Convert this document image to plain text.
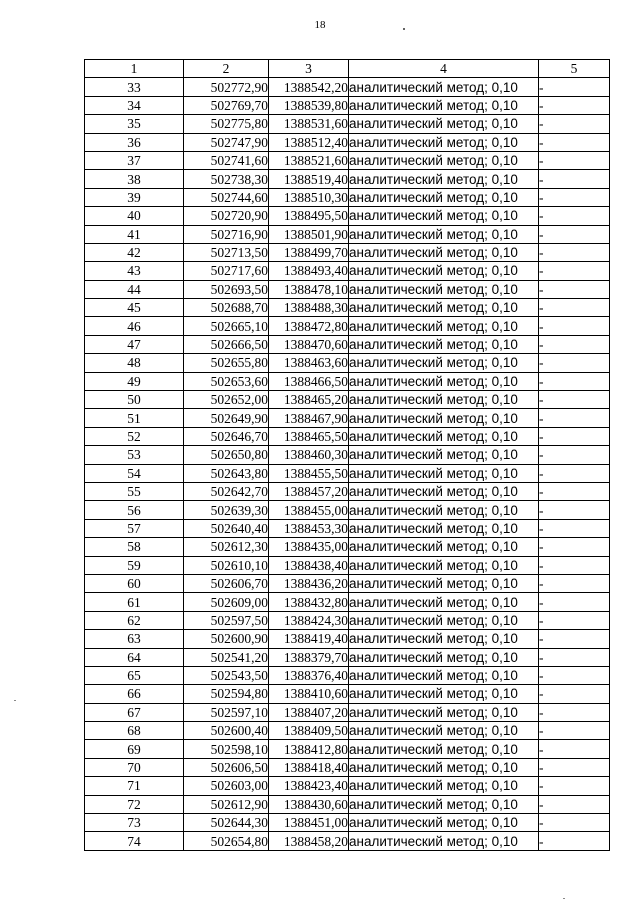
18
1	2	3	4	5
33	502772,90	1388542,20	аналитический метод; 0,10	-
34	502769,70	1388539,80	аналитический метод; 0,10	-
35	502775,80	1388531,60	аналитический метод; 0,10	-
36	502747,90	1388512,40	аналитический метод; 0,10	-
37	502741,60	1388521,60	аналитический метод; 0,10	-
38	502738,30	1388519,40	аналитический метод; 0,10	-
39	502744,60	1388510,30	аналитический метод; 0,10	-
40	502720,90	1388495,50	аналитический метод; 0,10	-
41	502716,90	1388501,90	аналитический метод; 0,10	-
42	502713,50	1388499,70	аналитический метод; 0,10	-
43	502717,60	1388493,40	аналитический метод; 0,10	-
44	502693,50	1388478,10	аналитический метод; 0,10	-
45	502688,70	1388488,30	аналитический метод; 0,10	-
46	502665,10	1388472,80	аналитический метод; 0,10	-
47	502666,50	1388470,60	аналитический метод; 0,10	-
48	502655,80	1388463,60	аналитический метод; 0,10	-
49	502653,60	1388466,50	аналитический метод; 0,10	-
50	502652,00	1388465,20	аналитический метод; 0,10	-
51	502649,90	1388467,90	аналитический метод; 0,10	-
52	502646,70	1388465,50	аналитический метод; 0,10	-
53	502650,80	1388460,30	аналитический метод; 0,10	-
54	502643,80	1388455,50	аналитический метод; 0,10	-
55	502642,70	1388457,20	аналитический метод; 0,10	-
56	502639,30	1388455,00	аналитический метод; 0,10	-
57	502640,40	1388453,30	аналитический метод; 0,10	-
58	502612,30	1388435,00	аналитический метод; 0,10	-
59	502610,10	1388438,40	аналитический метод; 0,10	-
60	502606,70	1388436,20	аналитический метод; 0,10	-
61	502609,00	1388432,80	аналитический метод; 0,10	-
62	502597,50	1388424,30	аналитический метод; 0,10	-
63	502600,90	1388419,40	аналитический метод; 0,10	-
64	502541,20	1388379,70	аналитический метод; 0,10	-
65	502543,50	1388376,40	аналитический метод; 0,10	-
66	502594,80	1388410,60	аналитический метод; 0,10	-
67	502597,10	1388407,20	аналитический метод; 0,10	-
68	502600,40	1388409,50	аналитический метод; 0,10	-
69	502598,10	1388412,80	аналитический метод; 0,10	-
70	502606,50	1388418,40	аналитический метод; 0,10	-
71	502603,00	1388423,40	аналитический метод; 0,10	-
72	502612,90	1388430,60	аналитический метод; 0,10	-
73	502644,30	1388451,00	аналитический метод; 0,10	-
74	502654,80	1388458,20	аналитический метод; 0,10	-
